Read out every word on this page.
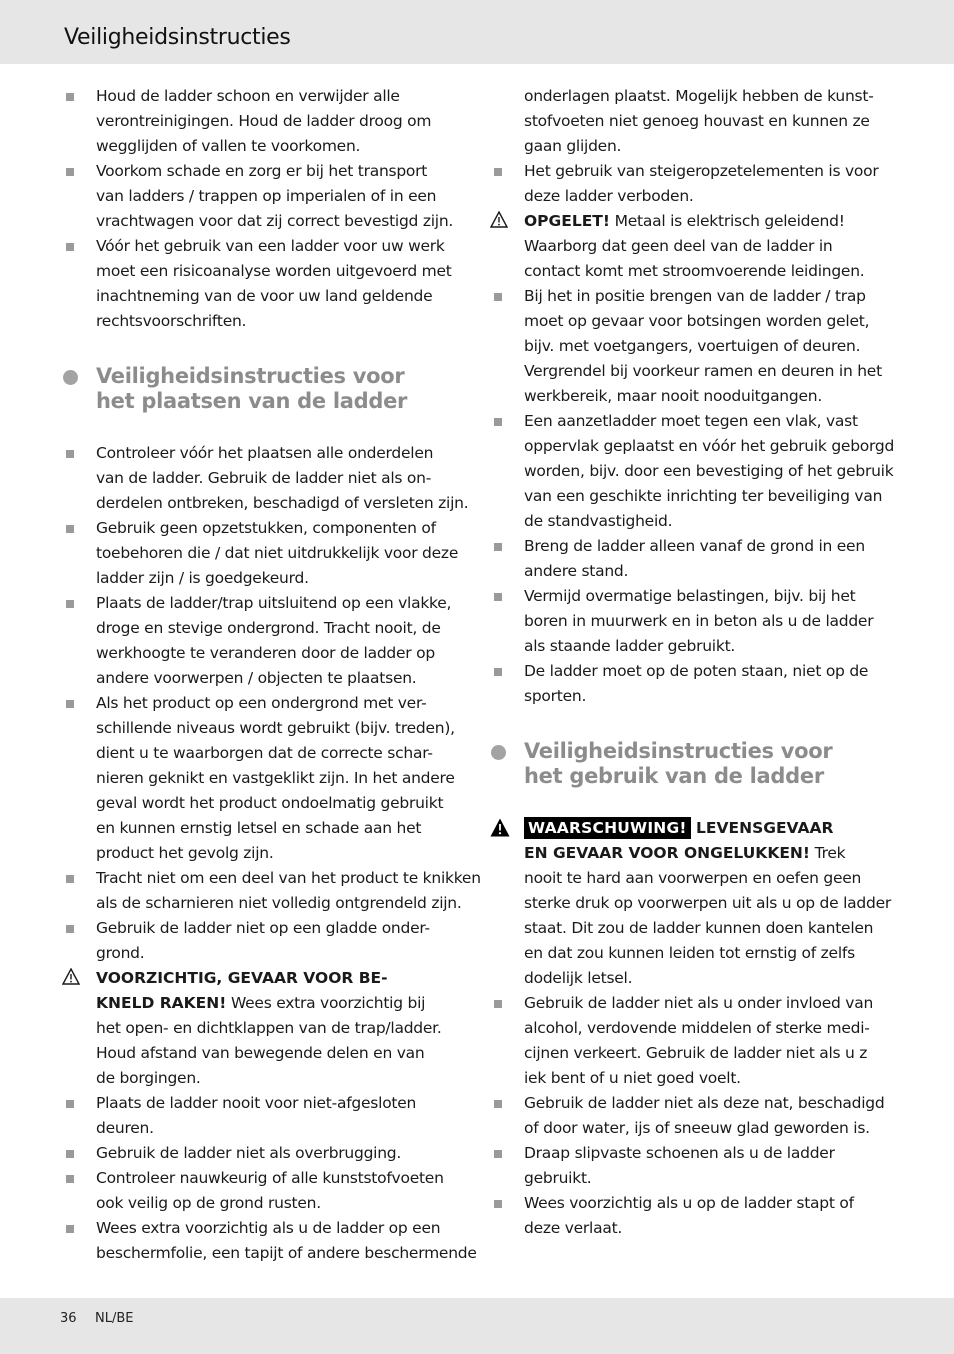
Veiligheidsinstructies
Houd de ladder schoon en verwijder alle
verontreinigingen. Houd de ladder droog om
wegglijden of vallen te voorkomen.
Voorkom schade en zorg er bij het transport
van ladders / trappen op imperialen of in een
vrachtwagen voor dat zij correct bevestigd zijn.
Vóór het gebruik van een ladder voor uw werk
moet een risicoanalyse worden uitgevoerd met
inachtneming van de voor uw land geldende
rechtsvoorschriften.
Veiligheidsinstructies voor
het plaatsen van de ladder
Controleer vóór het plaatsen alle onderdelen
van de ladder. Gebruik de ladder niet als on-
derdelen ontbreken, beschadigd of versleten zijn.
Gebruik geen opzetstukken, componenten of
toebehoren die / dat niet uitdrukkelijk voor deze
ladder zijn / is goedgekeurd.
Plaats de ladder/trap uitsluitend op een vlakke,
droge en stevige ondergrond. Tracht nooit, de
werkhoogte te veranderen door de ladder op
andere voorwerpen / objecten te plaatsen.
Als het product op een ondergrond met ver-
schillende niveaus wordt gebruikt (bijv. treden),
dient u te waarborgen dat de correcte schar-
nieren geknikt en vastgeklikt zijn. In het andere
geval wordt het product ondoelmatig gebruikt
en kunnen ernstig letsel en schade aan het
product het gevolg zijn.
Tracht niet om een deel van het product te knikken
als de scharnieren niet volledig ontgrendeld zijn.
Gebruik de ladder niet op een gladde onder-
grond.
VOORZICHTIG, GEVAAR VOOR BE-
KNELD RAKEN! Wees extra voorzichtig bij
het open- en dichtklappen van de trap/ladder.
Houd afstand van bewegende delen en van
de borgingen.
Plaats de ladder nooit voor niet-afgesloten
deuren.
Gebruik de ladder niet als overbrugging.
Controleer nauwkeurig of alle kunststofvoeten
ook veilig op de grond rusten.
Wees extra voorzichtig als u de ladder op een
beschermfolie, een tapijt of andere beschermende
onderlagen plaatst. Mogelijk hebben de kunst-
stofvoeten niet genoeg houvast en kunnen ze
gaan glijden.
Het gebruik van steigeropzetelementen is voor
deze ladder verboden.
OPGELET! Metaal is elektrisch geleidend!
Waarborg dat geen deel van de ladder in
contact komt met stroomvoerende leidingen.
Bij het in positie brengen van de ladder / trap
moet op gevaar voor botsingen worden gelet,
bijv. met voetgangers, voertuigen of deuren.
Vergrendel bij voorkeur ramen en deuren in het
werkbereik, maar nooit nooduitgangen.
Een aanzetladder moet tegen een vlak, vast
oppervlak geplaatst en vóór het gebruik geborgd
worden, bijv. door een bevestiging of het gebruik
van een geschikte inrichting ter beveiliging van
de standvastigheid.
Breng de ladder alleen vanaf de grond in een
andere stand.
Vermijd overmatige belastingen, bijv. bij het
boren in muurwerk en in beton als u de ladder
als staande ladder gebruikt.
De ladder moet op de poten staan, niet op de
sporten.
Veiligheidsinstructies voor
het gebruik van de ladder
WAARSCHUWING! LEVENSGEVAAR
EN GEVAAR VOOR ONGELUKKEN! Trek
nooit te hard aan voorwerpen en oefen geen
sterke druk op voorwerpen uit als u op de ladder
staat. Dit zou de ladder kunnen doen kantelen
en dat zou kunnen leiden tot ernstig of zelfs
dodelijk letsel.
Gebruik de ladder niet als u onder invloed van
alcohol, verdovende middelen of sterke medi-
cijnen verkeert. Gebruik de ladder niet als u z
iek bent of u niet goed voelt.
Gebruik de ladder niet als deze nat, beschadigd
of door water, ijs of sneeuw glad geworden is.
Draap slipvaste schoenen als u de ladder
gebruikt.
Wees voorzichtig als u op de ladder stapt of
deze verlaat.
36 NL/BE
